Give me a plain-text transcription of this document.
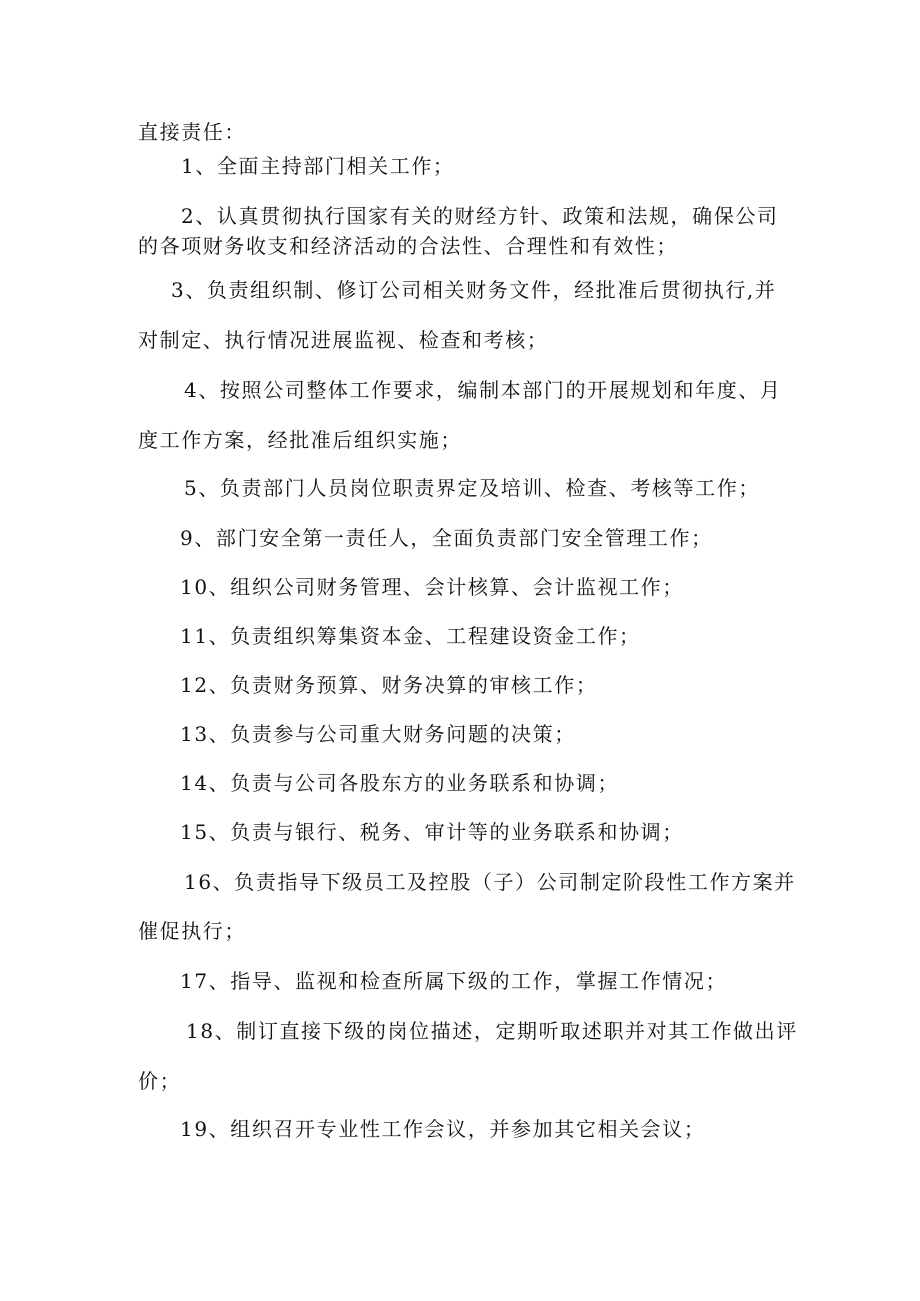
直接责任：
1、全面主持部门相关工作；
2、认真贯彻执行国家有关的财经方针、政策和法规，确保公司
的各项财务收支和经济活动的合法性、合理性和有效性；
3、负责组织制、修订公司相关财务文件，经批准后贯彻执行,并
对制定、执行情况进展监视、检查和考核；
4、按照公司整体工作要求，编制本部门的开展规划和年度、月
度工作方案，经批准后组织实施；
5、负责部门人员岗位职责界定及培训、检查、考核等工作；
9、部门安全第一责任人，全面负责部门安全管理工作；
10、组织公司财务管理、会计核算、会计监视工作；
11、负责组织筹集资本金、工程建设资金工作；
12、负责财务预算、财务决算的审核工作；
13、负责参与公司重大财务问题的决策；
14、负责与公司各股东方的业务联系和协调；
15、负责与银行、税务、审计等的业务联系和协调；
16、负责指导下级员工及控股（子）公司制定阶段性工作方案并
催促执行；
17、指导、监视和检查所属下级的工作，掌握工作情况；
18、制订直接下级的岗位描述，定期听取述职并对其工作做出评
价；
19、组织召开专业性工作会议，并参加其它相关会议；
